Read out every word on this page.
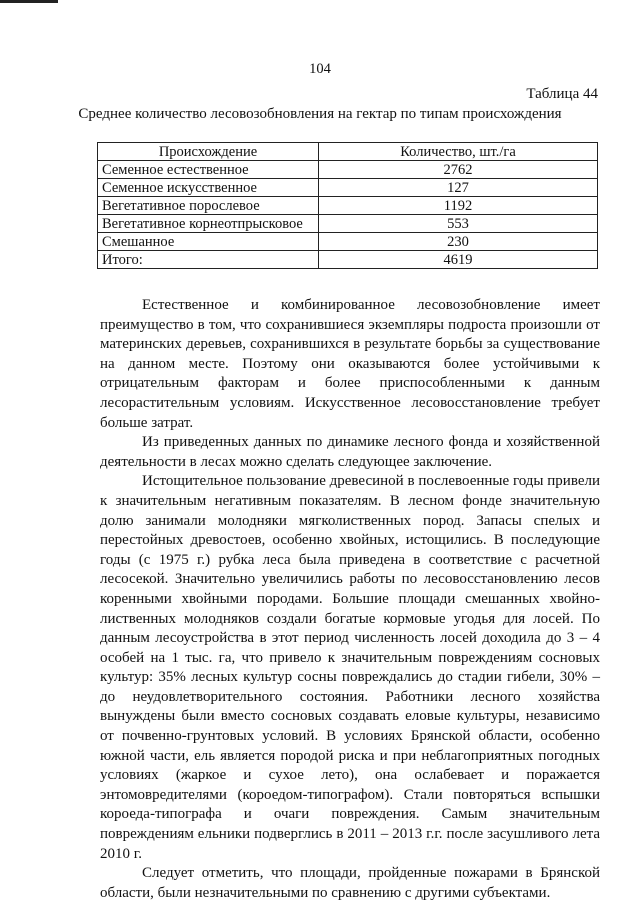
104
Таблица 44
Среднее количество лесовозобновления на гектар по типам происхождения
Происхождение	Количество, шт./га
Семенное естественное	2762
Семенное искусственное	127
Вегетативное порослевое	1192
Вегетативное корнеотпрысковое	553
Смешанное	230
Итого:	4619

Естественное и комбинированное лесовозобновление имеет преимущество в том, что сохранившиеся экземпляры подроста произошли от материнских деревьев, сохранившихся в результате борьбы за существование на данном месте. Поэтому они оказываются более устойчивыми к отрицательным факторам и более приспособленными к данным лесорастительным условиям. Искусственное лесовосстановление требует больше затрат.

Из приведенных данных по динамике лесного фонда и хозяйственной деятельности в лесах можно сделать следующее заключение.

Истощительное пользование древесиной в послевоенные годы привели к значительным негативным показателям. В лесном фонде значительную долю занимали молодняки мягколиственных пород. Запасы спелых и перестойных древостоев, особенно хвойных, истощились. В последующие годы (с 1975 г.) рубка леса была приведена в соответствие с расчетной лесосекой. Значительно увеличились работы по лесовосстановлению лесов коренными хвойными породами. Большие площади смешанных хвойно-лиственных молодняков создали богатые кормовые угодья для лосей. По данным лесоустройства в этот период численность лосей доходила до 3 – 4 особей на 1 тыс. га, что привело к значительным повреждениям сосновых культур: 35% лесных культур сосны повреждались до стадии гибели, 30% – до неудовлетворительного состояния. Работники лесного хозяйства вынуждены были вместо сосновых создавать еловые культуры, независимо от почвенно-грунтовых условий. В условиях Брянской области, особенно южной части, ель является породой риска и при неблагоприятных погодных условиях (жаркое и сухое лето), она ослабевает и поражается энтомовредителями (короедом-типографом). Стали повторяться вспышки короеда-типографа и очаги повреждения. Самым значительным повреждениям ельники подверглись в 2011 – 2013 г.г. после засушливого лета 2010 г.

Следует отметить, что площади, пройденные пожарами в Брянской области, были незначительными по сравнению с другими субъектами.
